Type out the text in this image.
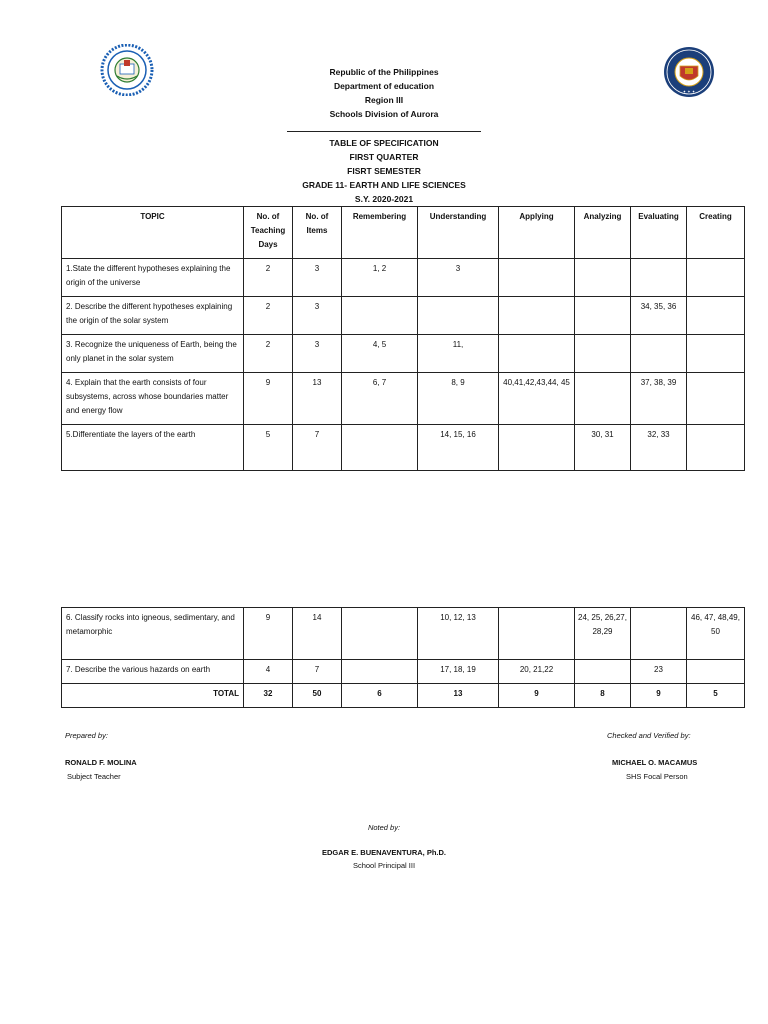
✦ ✦ ✦
Republic of the Philippines
Department of education
Region III
Schools Division of Aurora
TABLE OF SPECIFICATION
FIRST QUARTER
FISRT SEMESTER
GRADE 11- EARTH AND LIFE SCIENCES
S.Y. 2020-2021
TOPIC	No. of Teaching Days	No. of Items	Remembering	Understanding	Applying	Analyzing	Evaluating	Creating
1.State the different hypotheses explaining the origin of the universe	2	3	1, 2	3				
2. Describe the different hypotheses explaining the origin of the solar system	2	3					34, 35, 36	
3. Recognize the uniqueness of Earth, being the only planet in the solar system	2	3	4, 5	11,				
4. Explain that the earth consists of four subsystems, across whose boundaries matter and energy flow	9	13	6, 7	8, 9	40,41,42,43,44, 45		37, 38, 39	
5.Differentiate the layers of the earth	5	7		14, 15, 16		30, 31	32, 33	
6. Classify rocks into igneous, sedimentary, and metamorphic	9	14		10, 12, 13		24, 25, 26,27, 28,29		46, 47, 48,49, 50
7. Describe the various hazards on earth	4	7		17, 18, 19	20, 21,22		23	
TOTAL	32	50	6	13	9	8	9	5
Prepared by:
RONALD F. MOLINA
Subject Teacher
Checked and Verified by:
MICHAEL O. MACAMUS
SHS Focal Person
Noted by:
EDGAR E. BUENAVENTURA, Ph.D.
School Principal III
